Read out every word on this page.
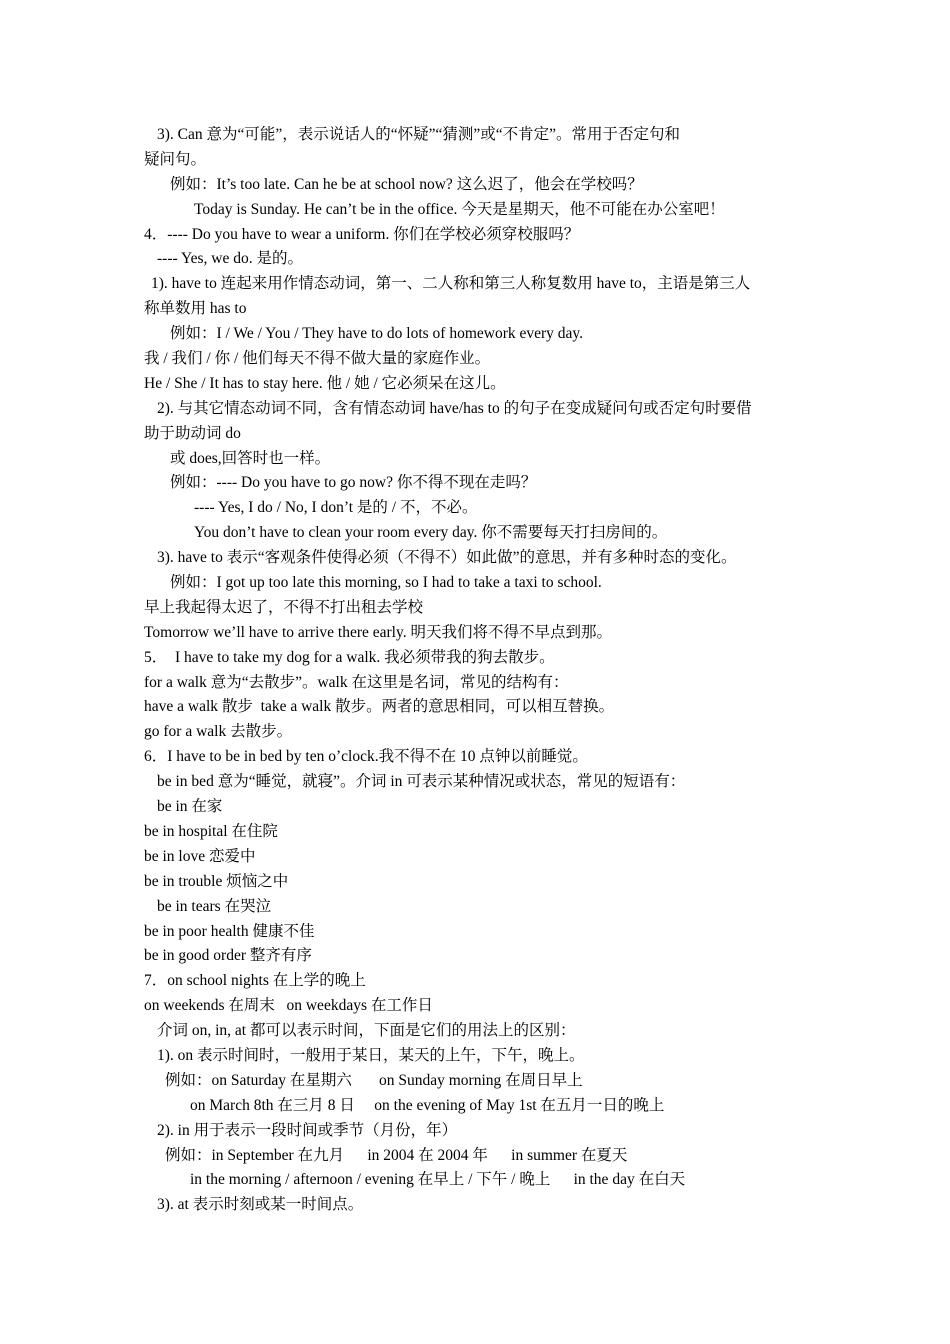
3). Can 意为“可能”，表示说话人的“怀疑”“猜测”或“不肯定”。常用于否定句和
疑问句。
例如：It’s too late. Can he be at school now? 这么迟了，他会在学校吗？
Today is Sunday. He can’t be in the office. 今天是星期天，他不可能在办公室吧！
4．---- Do you have to wear a uniform. 你们在学校必须穿校服吗？
---- Yes, we do. 是的。
1). have to 连起来用作情态动词，第一、二人称和第三人称复数用 have to，主语是第三人
称单数用 has to
例如：I / We / You / They have to do lots of homework every day.
我 / 我们 / 你 / 他们每天不得不做大量的家庭作业。
He / She / It has to stay here. 他 / 她 / 它必须呆在这儿。
2). 与其它情态动词不同，含有情态动词 have/has to 的句子在变成疑问句或否定句时要借
助于助动词 do
或 does,回答时也一样。
例如：---- Do you have to go now? 你不得不现在走吗？
---- Yes, I do / No, I don’t 是的 / 不，不必。
You don’t have to clean your room every day. 你不需要每天打扫房间的。
3). have to 表示“客观条件使得必须（不得不）如此做”的意思，并有多种时态的变化。
例如：I got up too late this morning, so I had to take a taxi to school.
早上我起得太迟了，不得不打出租去学校
Tomorrow we’ll have to arrive there early. 明天我们将不得不早点到那。
5．  I have to take my dog for a walk. 我必须带我的狗去散步。
for a walk 意为“去散步”。walk 在这里是名词，常见的结构有：
have a walk 散步  take a walk 散步。两者的意思相同，可以相互替换。
go for a walk 去散步。
6．I have to be in bed by ten o’clock.我不得不在 10 点钟以前睡觉。
be in bed 意为“睡觉，就寝”。介词 in 可表示某种情况或状态，常见的短语有：
be in 在家
be in hospital 在住院
be in love 恋爱中
be in trouble 烦恼之中
be in tears 在哭泣
be in poor health 健康不佳
be in good order 整齐有序
7．on school nights 在上学的晚上
on weekends 在周末   on weekdays 在工作日
介词 on, in, at 都可以表示时间，下面是它们的用法上的区别：
1). on 表示时间时，一般用于某日，某天的上午，下午，晚上。
例如：on Saturday 在星期六       on Sunday morning 在周日早上
on March 8th 在三月 8 日     on the evening of May 1st 在五月一日的晚上
2). in 用于表示一段时间或季节（月份，年）
例如：in September 在九月      in 2004 在 2004 年      in summer 在夏天
in the morning / afternoon / evening 在早上 / 下午 / 晚上      in the day 在白天
3). at 表示时刻或某一时间点。
